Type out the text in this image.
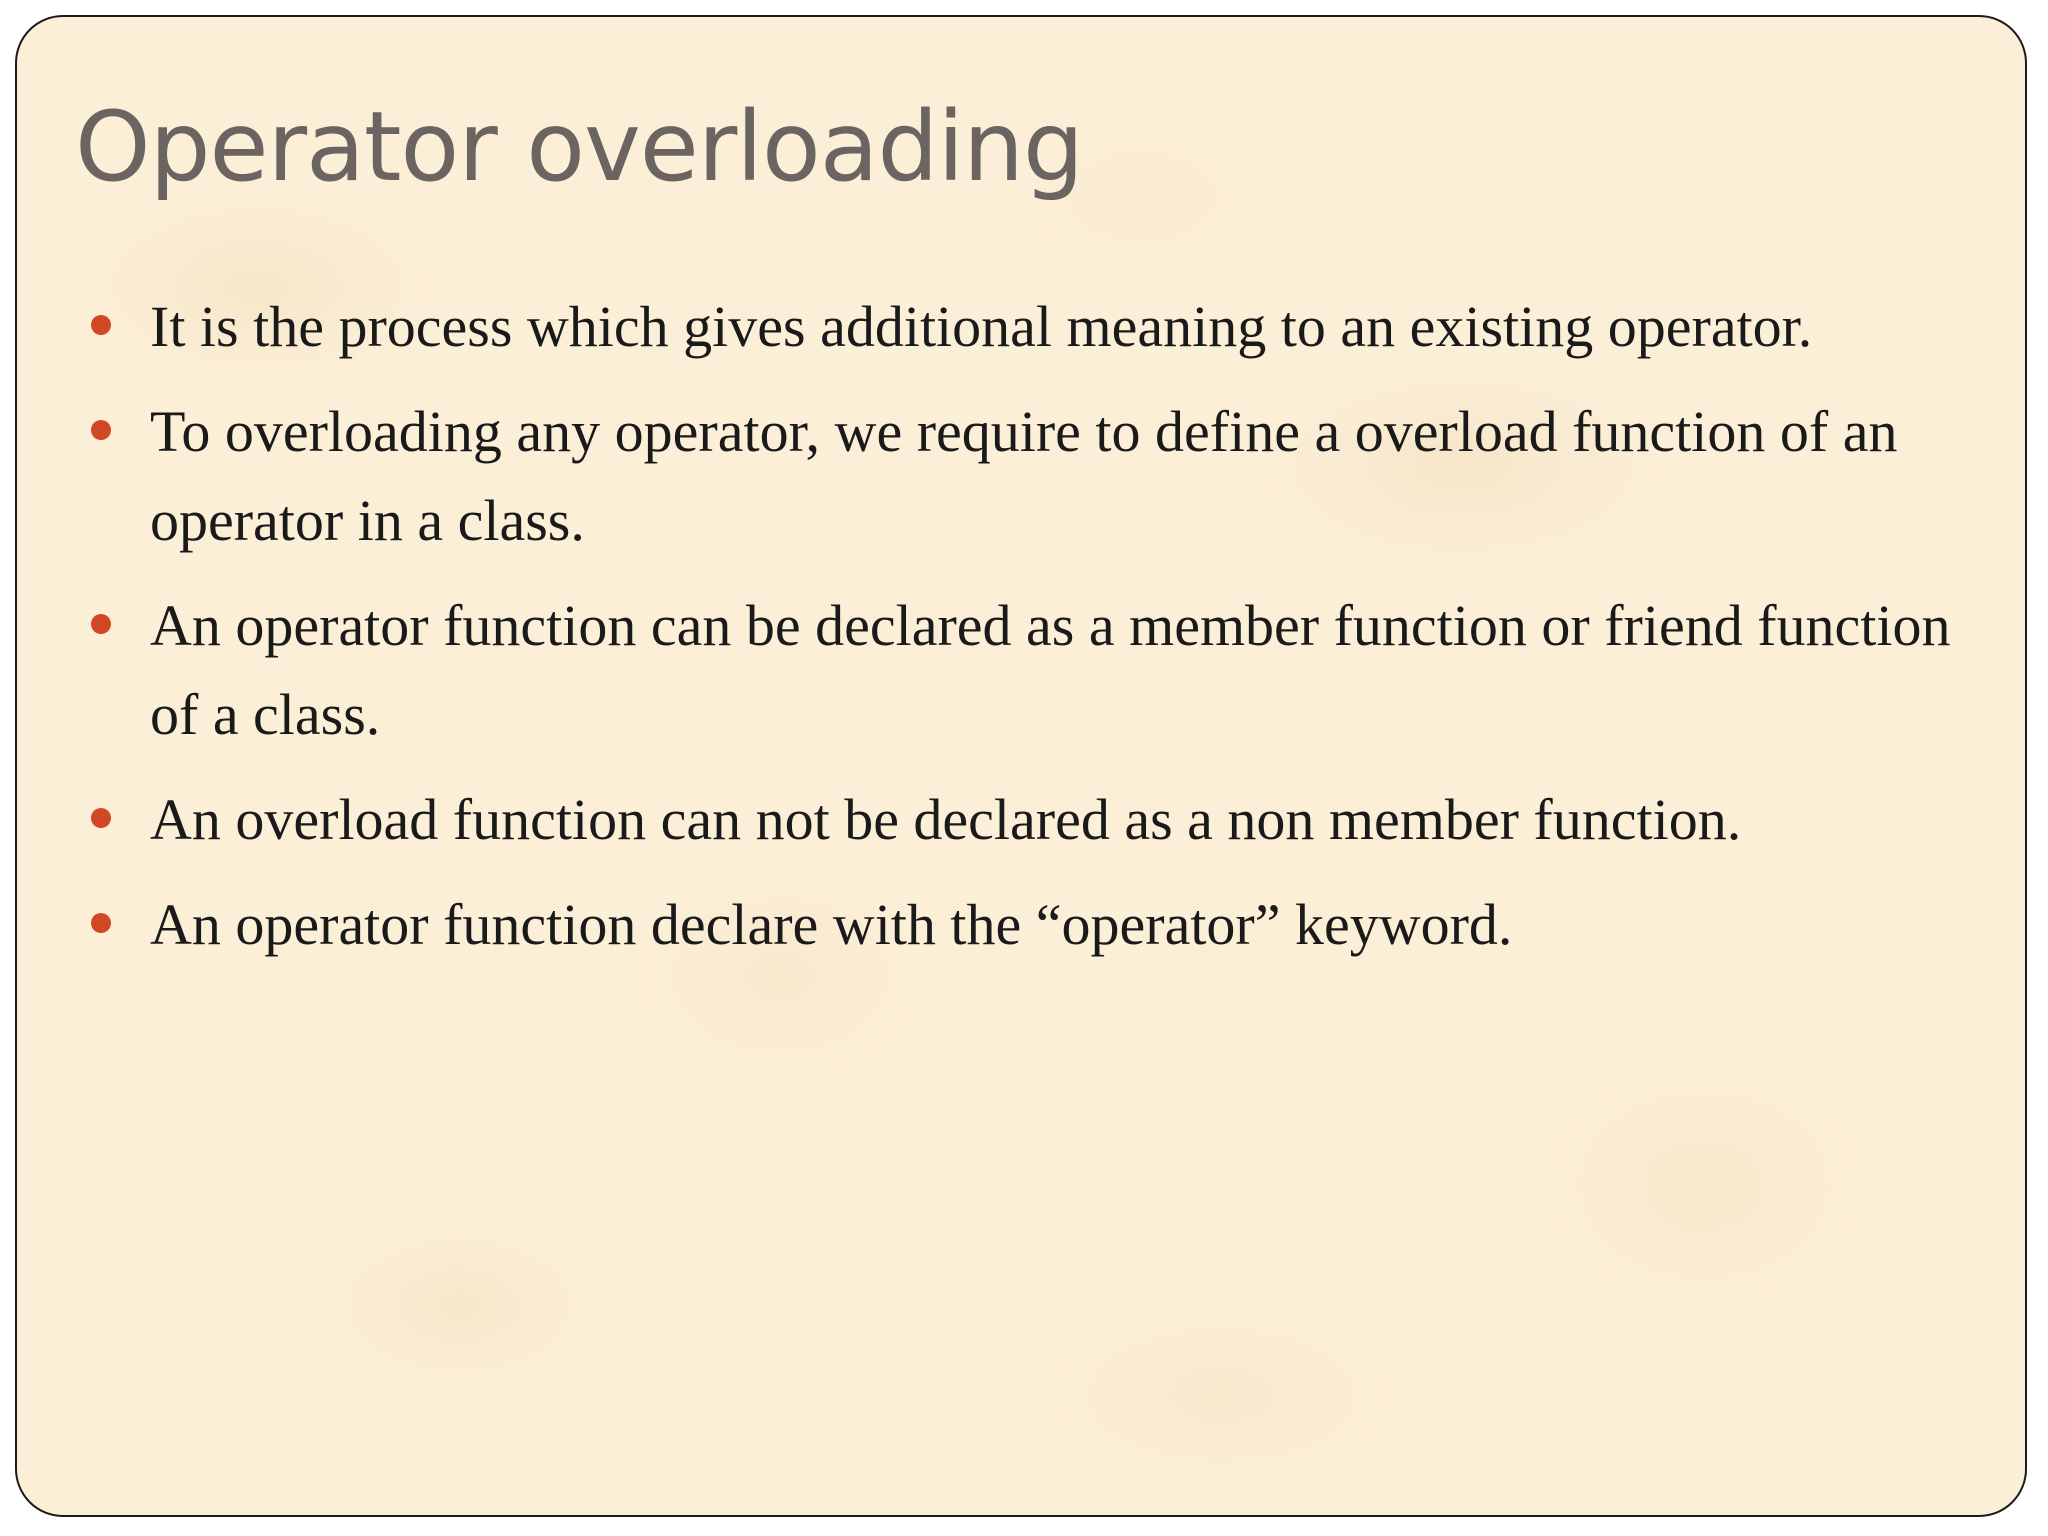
Operator overloading
It is the process which gives additional meaning to an existing operator.
To overloading any operator, we require to define a overload function of an operator in a class.
An operator function can be declared as a member function or friend function of a class.
An overload function can not be declared as a non member function.
An operator function declare with the “operator” keyword.
